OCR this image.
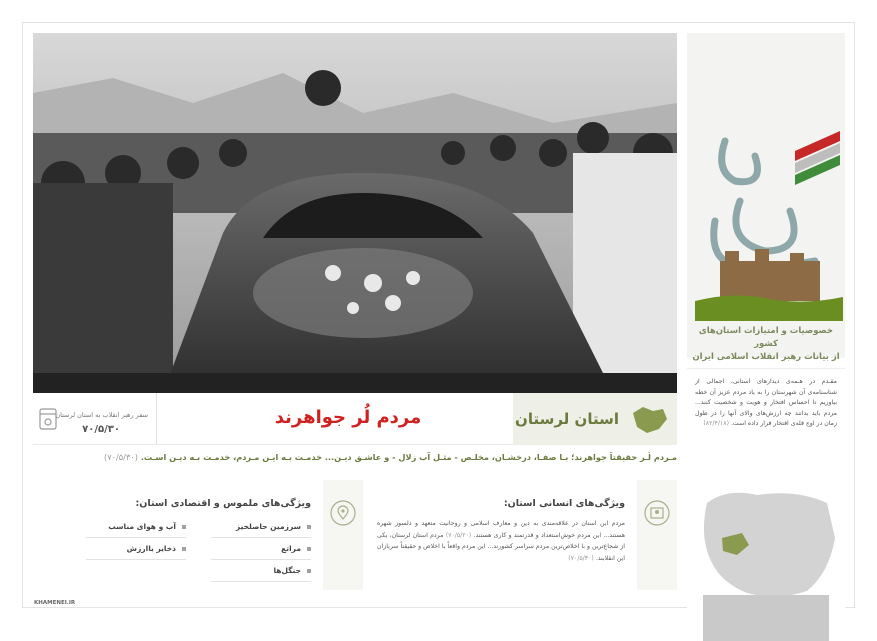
خصوصیات و امتیازات استان‌های کشور
از بیانات رهبر انقلاب اسلامی ایران
مقـدم در هـمه‌ی دیدارهای استانی، اجمالی از شناسنامه‌ی آن شهرستان را به یاد مردم عزیز آن خطه بیاوریم تا احساس افتخار و هویت و شخصیت کنند... مردم باید بدانند چه ارزش‌های والای آنها را در طول زمان در اوج قله‌ی افتخار قرار داده است. (۸۲/۴/۱۸)
سفر رهبر انقلاب به استان لرستان
۷۰/۵/۳۰
مردم لُر جواهرند	استان لرستان
مـردم لُـر حقیقتاً جواهرند؛ بـا صفـا، درخشـان، مخلـص - مثـل آب زلال - و عاشـق دیـن... خدمـت بـه ایـن مـردم، خدمـت بـه دیـن اسـت. (۷۰/۵/۳۰)
ویژگی‌های انسانی استان:
مردم این استان در علاقه‌مندی به دین و معارف اسلامی و روحانیت متعهد و دلسوز شهره هستند... این مردم خوش‌استعداد و قدرتمند و کاری هستند. (۷۰/۵/۲۰) مردم استان لرستان، یکی از شجاع‌ترین و با اخلاص‌ترین مردم سراسر کشورند... این مردم واقعاً با اخلاص و حقیقتاً سربازان این انقلابند. (۷۰/۵/۳۰)
ویژگی‌های ملموس و اقتصادی استان:
سرزمین حاصلخیز
آب و هوای مناسب
مراتع
ذخایر باارزش
جنگل‌ها
KHAMENEI.IR
